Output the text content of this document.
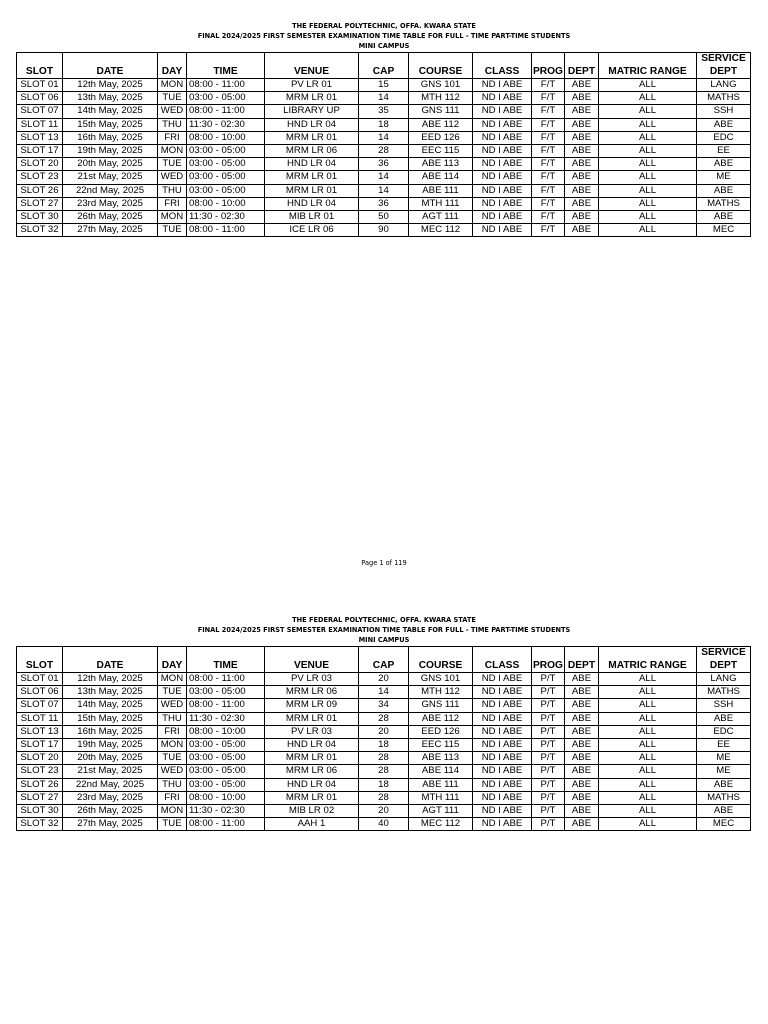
THE FEDERAL POLYTECHNIC, OFFA. KWARA STATE
FINAL 2024/2025 FIRST SEMESTER EXAMINATION TIME TABLE FOR FULL - TIME PART-TIME STUDENTS
MINI CAMPUS
SLOT	DATE	DAY	TIME	VENUE	CAP	COURSE	CLASS	PROG	DEPT	MATRIC RANGE	SERVICE
DEPT
SLOT 01	12th May, 2025	MON	08:00 - 11:00	PV LR 01	15	GNS 101	ND I ABE	F/T	ABE	ALL	LANG
SLOT 06	13th May, 2025	TUE	03:00 - 05:00	MRM LR 01	14	MTH 112	ND I ABE	F/T	ABE	ALL	MATHS
SLOT 07	14th May, 2025	WED	08:00 - 11:00	LIBRARY UP	35	GNS 111	ND I ABE	F/T	ABE	ALL	SSH
SLOT 11	15th May, 2025	THU	11:30 - 02:30	HND LR 04	18	ABE 112	ND I ABE	F/T	ABE	ALL	ABE
SLOT 13	16th May, 2025	FRI	08:00 - 10:00	MRM LR 01	14	EED 126	ND I ABE	F/T	ABE	ALL	EDC
SLOT 17	19th May, 2025	MON	03:00 - 05:00	MRM LR 06	28	EEC 115	ND I ABE	F/T	ABE	ALL	EE
SLOT 20	20th May, 2025	TUE	03:00 - 05:00	HND LR 04	36	ABE 113	ND I ABE	F/T	ABE	ALL	ABE
SLOT 23	21st May, 2025	WED	03:00 - 05:00	MRM LR 01	14	ABE 114	ND I ABE	F/T	ABE	ALL	ME
SLOT 26	22nd May, 2025	THU	03:00 - 05:00	MRM LR 01	14	ABE 111	ND I ABE	F/T	ABE	ALL	ABE
SLOT 27	23rd May, 2025	FRI	08:00 - 10:00	HND LR 04	36	MTH 111	ND I ABE	F/T	ABE	ALL	MATHS
SLOT 30	26th May, 2025	MON	11:30 - 02:30	MIB LR 01	50	AGT 111	ND I ABE	F/T	ABE	ALL	ABE
SLOT 32	27th May, 2025	TUE	08:00 - 11:00	ICE LR 06	90	MEC 112	ND I ABE	F/T	ABE	ALL	MEC
Page 1 of 119
THE FEDERAL POLYTECHNIC, OFFA. KWARA STATE
FINAL 2024/2025 FIRST SEMESTER EXAMINATION TIME TABLE FOR FULL - TIME PART-TIME STUDENTS
MINI CAMPUS
SLOT	DATE	DAY	TIME	VENUE	CAP	COURSE	CLASS	PROG	DEPT	MATRIC RANGE	SERVICE
DEPT
SLOT 01	12th May, 2025	MON	08:00 - 11:00	PV LR 03	20	GNS 101	ND I ABE	P/T	ABE	ALL	LANG
SLOT 06	13th May, 2025	TUE	03:00 - 05:00	MRM LR 06	14	MTH 112	ND I ABE	P/T	ABE	ALL	MATHS
SLOT 07	14th May, 2025	WED	08:00 - 11:00	MRM LR 09	34	GNS 111	ND I ABE	P/T	ABE	ALL	SSH
SLOT 11	15th May, 2025	THU	11:30 - 02:30	MRM LR 01	28	ABE 112	ND I ABE	P/T	ABE	ALL	ABE
SLOT 13	16th May, 2025	FRI	08:00 - 10:00	PV LR 03	20	EED 126	ND I ABE	P/T	ABE	ALL	EDC
SLOT 17	19th May, 2025	MON	03:00 - 05:00	HND LR 04	18	EEC 115	ND I ABE	P/T	ABE	ALL	EE
SLOT 20	20th May, 2025	TUE	03:00 - 05:00	MRM LR 01	28	ABE 113	ND I ABE	P/T	ABE	ALL	ME
SLOT 23	21st May, 2025	WED	03:00 - 05:00	MRM LR 06	28	ABE 114	ND I ABE	P/T	ABE	ALL	ME
SLOT 26	22nd May, 2025	THU	03:00 - 05:00	HND LR 04	18	ABE 111	ND I ABE	P/T	ABE	ALL	ABE
SLOT 27	23rd May, 2025	FRI	08:00 - 10:00	MRM LR 01	28	MTH 111	ND I ABE	P/T	ABE	ALL	MATHS
SLOT 30	26th May, 2025	MON	11:30 - 02:30	MIB LR 02	20	AGT 111	ND I ABE	P/T	ABE	ALL	ABE
SLOT 32	27th May, 2025	TUE	08:00 - 11:00	AAH 1	40	MEC 112	ND I ABE	P/T	ABE	ALL	MEC
